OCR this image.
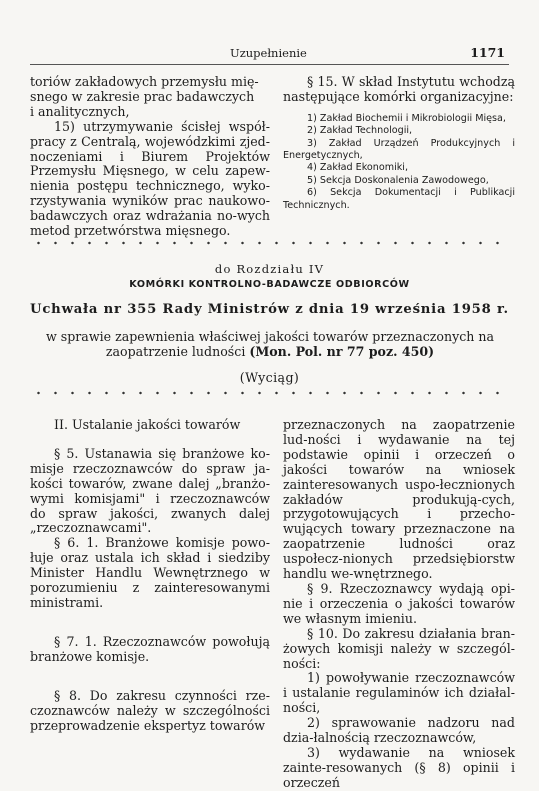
Uzupełnienie	1171

toriów zakładowych przemysłu mię-

snego w zakresie prac badawczych

i analitycznych,

15) utrzymywanie ścisłej współ-pracy z Centralą, wojewódzkimi zjed-noczeniami i Biurem Projektów Przemysłu Mięsnego, w celu zapew-nienia postępu technicznego, wyko-rzystywania wyników prac naukowo-badawczych oraz wdrażania no-wych metod przetwórstwa mięsnego.

§ 15. W skład Instytutu wchodzą następujące komórki organizacyjne:

1) Zakład Biochemii i Mikrobiologii Mięsa,
2) Zakład Technologii,
3) Zakład Urządzeń Produkcyjnych i Energetycznych,
4) Zakład Ekonomiki,
5) Sekcja Doskonalenia Zawodowego,
6) Sekcja Dokumentacji i Publikacji Technicznych.
do Rozdziału IV
KOMÓRKI KONTROLNO-BADAWCZE ODBIORCÓW
Uchwała nr 355 Rady Ministrów z dnia 19 września 1958 r.
w sprawie zapewnienia właściwej jakości towarów przeznaczonych na zaopatrzenie ludności (Mon. Pol. nr 77 poz. 450)
(Wyciąg)

II. Ustalanie jakości towarów

§ 5. Ustanawia się branżowe ko-misje rzeczoznawców do spraw ja-kości towarów, zwane dalej „branżo-wymi komisjami" i rzeczoznawców do spraw jakości, zwanych dalej „rzeczoznawcami".

§ 6. 1. Branżowe komisje powo-łuje oraz ustala ich skład i siedziby Minister Handlu Wewnętrznego w porozumieniu z zainteresowanymi ministrami.

§ 7. 1. Rzeczoznawców powołują branżowe komisje.

§ 8. Do zakresu czynności rze-czoznawców należy w szczególności przeprowadzenie ekspertyz towarów

przeznaczonych na zaopatrzenie lud-ności i wydawanie na tej podstawie opinii i orzeczeń o jakości towarów na wniosek zainteresowanych uspo-łecznionych zakładów produkują-cych, przygotowujących i przecho-wujących towary przeznaczone na zaopatrzenie ludności oraz uspołecz-nionych przedsiębiorstw handlu we-wnętrznego.

§ 9. Rzeczoznawcy wydają opi-nie i orzeczenia o jakości towarów we własnym imieniu.

§ 10. Do zakresu działania bran-żowych komisji należy w szczegól-ności:

1) powoływanie rzeczoznawców i ustalanie regulaminów ich działal-ności,

2) sprawowanie nadzoru nad dzia-łalnością rzeczoznawców,

3) wydawanie na wniosek zainte-resowanych (§ 8) opinii i orzeczeń
